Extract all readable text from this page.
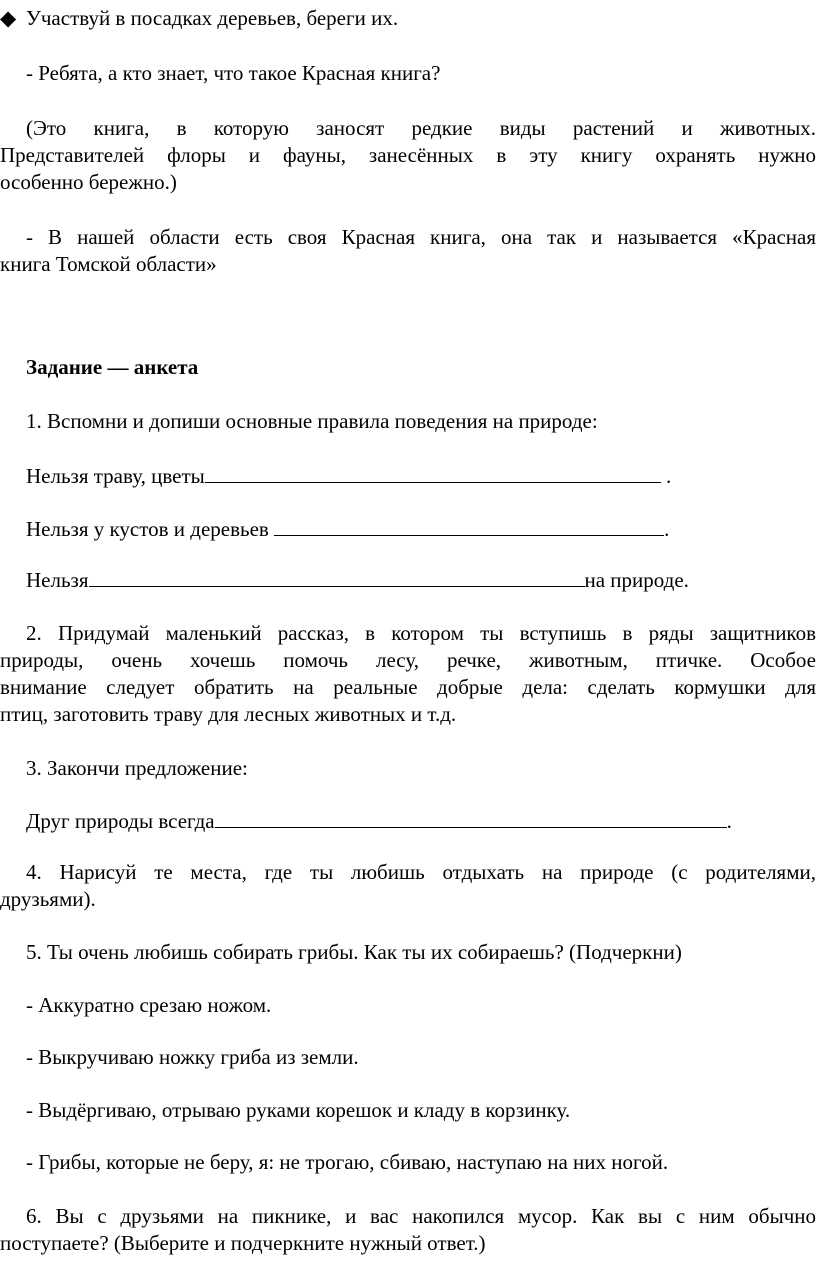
◆ Участвуй в посадках деревьев, береги их.
- Ребята, а кто знает, что такое Красная книга?
(Это книга, в которую заносят редкие виды растений и животных.
Представителей флоры и фауны, занесённых в эту книгу охранять нужно
особенно бережно.)
- В нашей области есть своя Красная книга, она так и называется «Красная
книга Томской области»
Задание — анкета
1. Вспомни и допиши основные правила поведения на природе:
Нельзя траву, цветы	.
Нельзя у кустов и деревьев	.
Нельзя	на природе.
2. Придумай маленький рассказ, в котором ты вступишь в ряды защитников
природы, очень хочешь помочь лесу, речке, животным, птичке. Особое
внимание следует обратить на реальные добрые дела: сделать кормушки для
птиц, заготовить траву для лесных животных и т.д.
3. Закончи предложение:
Друг природы всегда	.
4. Нарисуй те места, где ты любишь отдыхать на природе (с родителями,
друзьями).
5. Ты очень любишь собирать грибы. Как ты их собираешь? (Подчеркни)
- Аккуратно срезаю ножом.
- Выкручиваю ножку гриба из земли.
- Выдёргиваю, отрываю руками корешок и кладу в корзинку.
- Грибы, которые не беру, я: не трогаю, сбиваю, наступаю на них ногой.
6. Вы с друзьями на пикнике, и вас накопился мусор. Как вы с ним обычно
поступаете? (Выберите и подчеркните нужный ответ.)
